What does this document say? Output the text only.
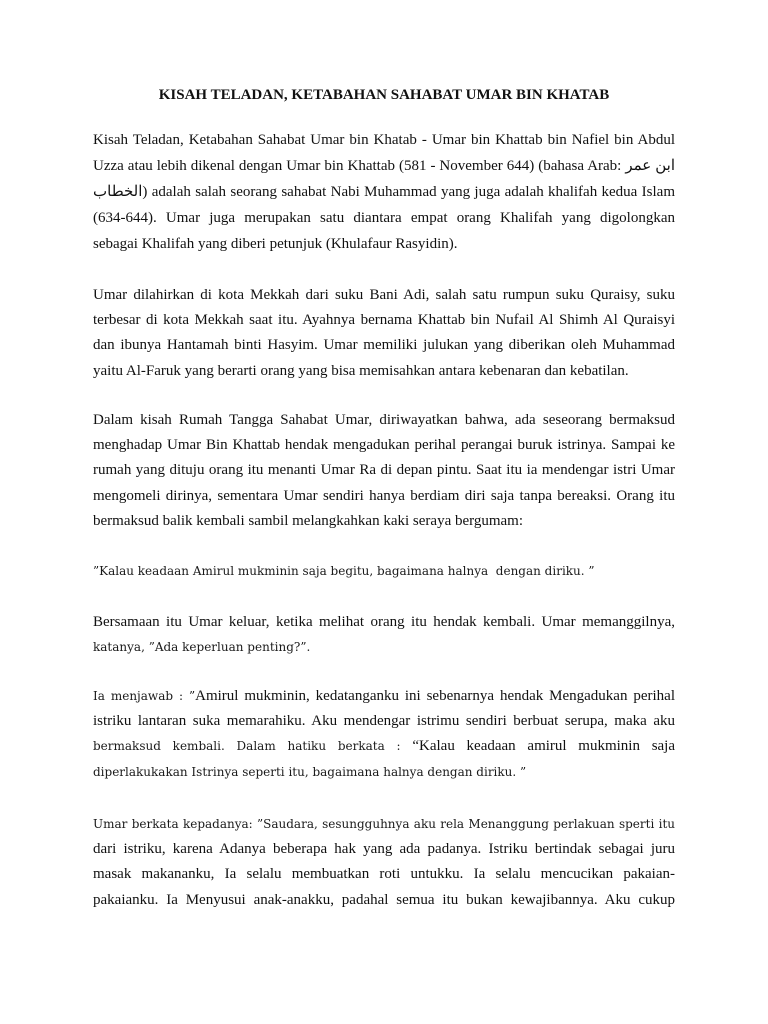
KISAH TELADAN, KETABAHAN SAHABAT UMAR BIN KHATAB
Kisah Teladan, Ketabahan Sahabat Umar bin Khatab - Umar bin Khattab bin Nafiel bin Abdul
Uzza atau lebih dikenal dengan Umar bin Khattab (581 - November 644) (bahasa Arab: ابن عمر
الخطاب) adalah salah seorang sahabat Nabi Muhammad yang juga adalah khalifah kedua Islam
(634-644). Umar juga merupakan satu diantara empat orang Khalifah yang digolongkan
sebagai Khalifah yang diberi petunjuk (Khulafaur Rasyidin).
Umar dilahirkan di kota Mekkah dari suku Bani Adi, salah satu rumpun suku Quraisy, suku
terbesar di kota Mekkah saat itu. Ayahnya bernama Khattab bin Nufail Al Shimh Al Quraisyi
dan ibunya Hantamah binti Hasyim. Umar memiliki julukan yang diberikan oleh Muhammad
yaitu Al-Faruk yang berarti orang yang bisa memisahkan antara kebenaran dan kebatilan.
Dalam kisah Rumah Tangga Sahabat Umar, diriwayatkan bahwa, ada seseorang bermaksud
menghadap Umar Bin Khattab hendak mengadukan perihal perangai buruk istrinya. Sampai ke
rumah yang dituju orang itu menanti Umar Ra di depan pintu. Saat itu ia mendengar istri Umar
mengomeli dirinya, sementara Umar sendiri hanya berdiam diri saja tanpa bereaksi. Orang itu
bermaksud balik kembali sambil melangkahkan kaki seraya bergumam:
”Kalau keadaan Amirul mukminin saja begitu, bagaimana halnya  dengan diriku. ”
Bersamaan itu Umar keluar, ketika melihat orang itu hendak kembali. Umar memanggilnya,
katanya, ”Ada keperluan penting?”.
Ia menjawab : ”Amirul mukminin, kedatanganku ini sebenarnya hendak Mengadukan perihal
istriku lantaran suka memarahiku. Aku mendengar istrimu sendiri berbuat serupa, maka aku
bermaksud kembali. Dalam hatiku berkata : “Kalau keadaan amirul mukminin saja
diperlakukakan Istrinya seperti itu, bagaimana halnya dengan diriku. ”
Umar berkata kepadanya: ”Saudara, sesungguhnya aku rela Menanggung perlakuan sperti itu
dari istriku, karena Adanya beberapa hak yang ada padanya. Istriku bertindak sebagai juru
masak makananku, Ia selalu membuatkan roti untukku. Ia selalu mencucikan pakaian-
pakaianku. Ia Menyusui anak-anakku, padahal semua itu bukan kewajibannya. Aku cukup
